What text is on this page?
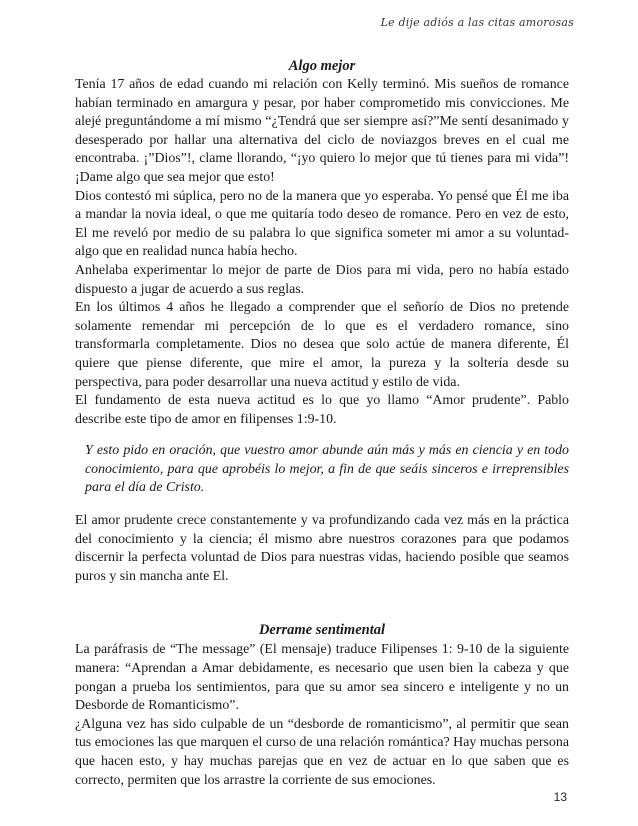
Le dije adiós a las citas amorosas
Algo mejor

Tenía 17 años de edad cuando mi relación con Kelly terminó. Mis sueños de romance habían terminado en amargura y pesar, por haber comprometido mis convicciones. Me alejé preguntándome a mí mismo “¿Tendrá que ser siempre así?”Me sentí desanimado y desesperado por hallar una alternativa del ciclo de noviazgos breves en el cual me encontraba. ¡”Dios”!, clame llorando, “¡yo quiero lo mejor que tú tienes para mi vida”! ¡Dame algo que sea mejor que esto!

Dios contestó mi súplica, pero no de la manera que yo esperaba. Yo pensé que Él me iba a mandar la novia ideal, o que me quitaría todo deseo de romance. Pero en vez de esto, El me reveló por medio de su palabra lo que significa someter mi amor a su voluntad- algo que en realidad nunca había hecho.

Anhelaba experimentar lo mejor de parte de Dios para mi vida, pero no había estado dispuesto a jugar de acuerdo a sus reglas.

En los últimos 4 años he llegado a comprender que el señorío de Dios no pretende solamente remendar mi percepción de lo que es el verdadero romance, sino transformarla completamente. Dios no desea que solo actúe de manera diferente, Él quiere que piense diferente, que mire el amor, la pureza y la soltería desde su perspectiva, para poder desarrollar una nueva actitud y estilo de vida.

El fundamento de esta nueva actitud es lo que yo llamo “Amor prudente”. Pablo describe este tipo de amor en filipenses 1:9-10.

Y esto pido en oración, que vuestro amor abunde aún más y más en ciencia y en todo conocimiento, para que aprobéis lo mejor, a fin de que seáis sinceros e irreprensibles para el día de Cristo.

El amor prudente crece constantemente y va profundizando cada vez más en la práctica del conocimiento y la ciencia; él mismo abre nuestros corazones para que podamos discernir la perfecta voluntad de Dios para nuestras vidas, haciendo posible que seamos puros y sin mancha ante El.

Derrame sentimental

La paráfrasis de “The message” (El mensaje) traduce Filipenses 1: 9-10 de la siguiente manera: “Aprendan a Amar debidamente, es necesario que usen bien la cabeza y que pongan a prueba los sentimientos, para que su amor sea sincero e inteligente y no un Desborde de Romanticismo”.

¿Alguna vez has sido culpable de un “desborde de romanticismo”, al permitir que sean tus emociones las que marquen el curso de una relación romántica? Hay muchas persona que hacen esto, y hay muchas parejas que en vez de actuar en lo que saben que es correcto, permiten que los arrastre la corriente de sus emociones.

13
